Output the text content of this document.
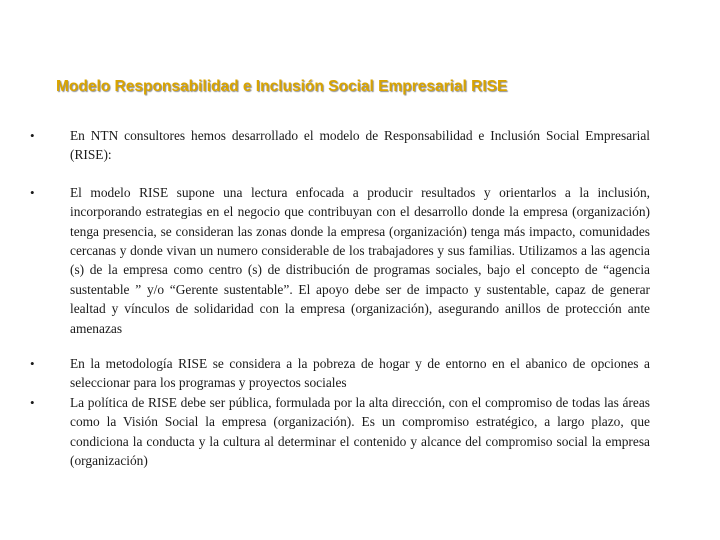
Modelo Responsabilidad e Inclusión Social Empresarial RISE
•	En NTN consultores hemos desarrollado el modelo de Responsabilidad e Inclusión Social Empresarial (RISE):
•	El modelo RISE supone una lectura enfocada a producir resultados y orientarlos a la inclusión, incorporando estrategias en el negocio que contribuyan con el desarrollo donde la empresa (organización) tenga presencia, se consideran las zonas donde la empresa (organización) tenga más impacto, comunidades cercanas y donde vivan un numero considerable de los trabajadores y sus familias. Utilizamos a las agencia (s) de la empresa como centro (s) de distribución de programas sociales, bajo el concepto de “agencia sustentable ” y/o “Gerente sustentable”. El apoyo debe ser de impacto y sustentable, capaz de generar lealtad y vínculos de solidaridad con la empresa (organización), asegurando anillos de protección ante amenazas
•	En la metodología RISE se considera a la pobreza de hogar y de entorno en el abanico de opciones a seleccionar para los programas y proyectos sociales
•	La política de RISE debe ser pública, formulada por la alta dirección, con el compromiso de todas las áreas como la Visión Social la empresa (organización). Es un compromiso estratégico, a largo plazo, que condiciona la conducta y la cultura al determinar el contenido y alcance del compromiso social la empresa (organización)
